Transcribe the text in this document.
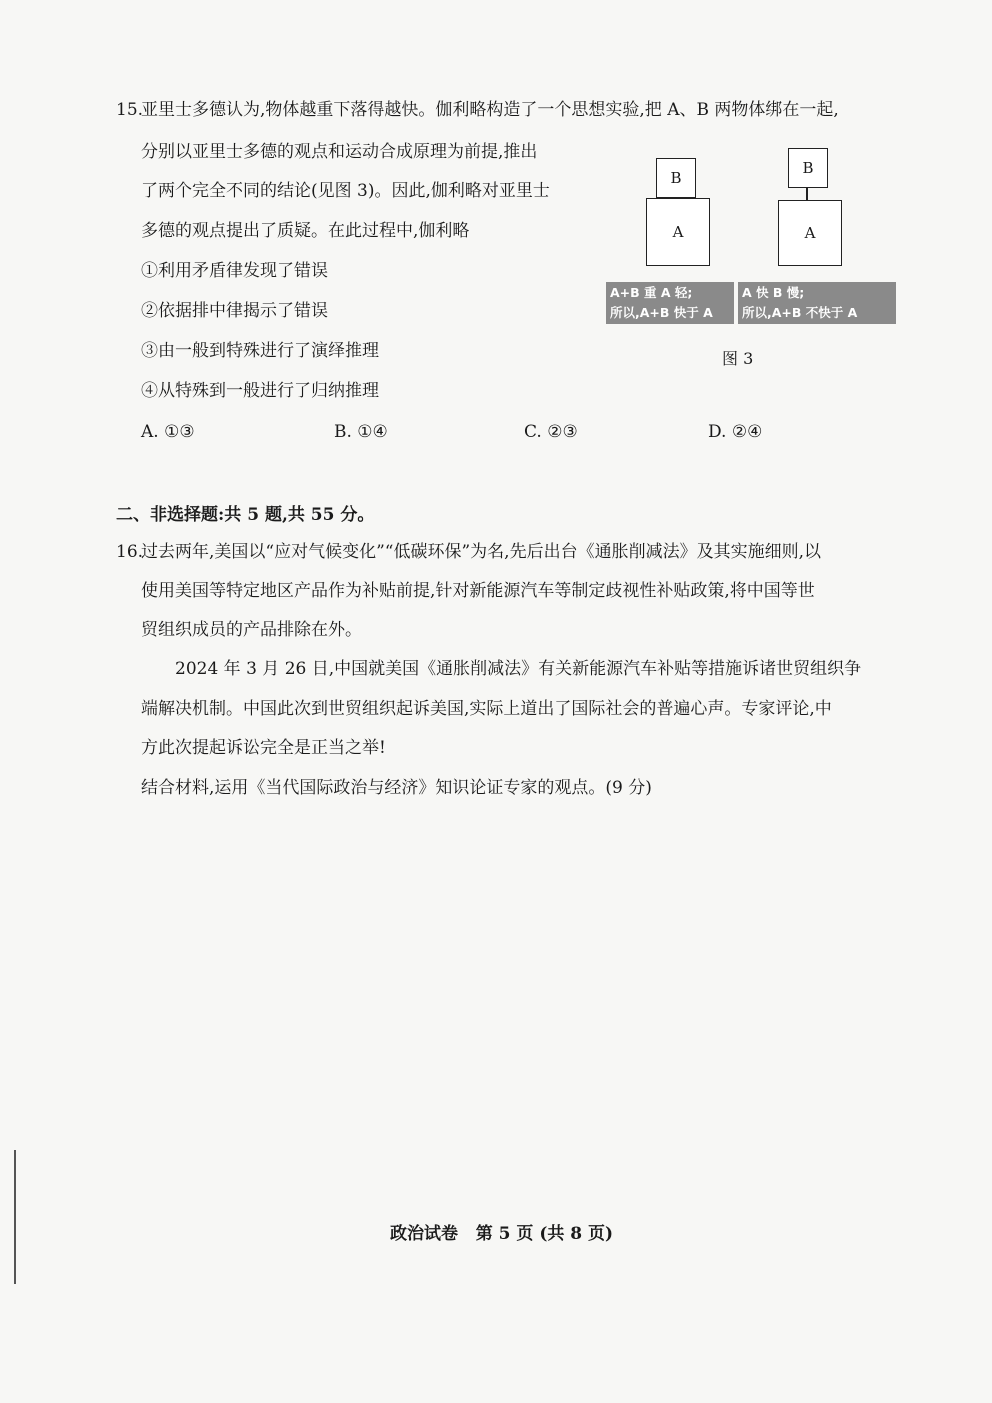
15.
亚里士多德认为,物体越重下落得越快。伽利略构造了一个思想实验,把 A、B 两物体绑在一起,
分别以亚里士多德的观点和运动合成原理为前提,推出
了两个完全不同的结论(见图 3)。因此,伽利略对亚里士
多德的观点提出了质疑。在此过程中,伽利略
①利用矛盾律发现了错误
②依据排中律揭示了错误
③由一般到特殊进行了演绎推理
④从特殊到一般进行了归纳推理
A. ①③	B. ①④	C. ②③	D. ②④
B
A
A+B 重 A 轻;
所以,A+B 快于 A
B
A
A 快 B 慢;
所以,A+B 不快于 A
图 3
二、非选择题:共 5 题,共 55 分。
16.
过去两年,美国以“应对气候变化”“低碳环保”为名,先后出台《通胀削减法》及其实施细则,以
使用美国等特定地区产品作为补贴前提,针对新能源汽车等制定歧视性补贴政策,将中国等世
贸组织成员的产品排除在外。
2024 年 3 月 26 日,中国就美国《通胀削减法》有关新能源汽车补贴等措施诉诸世贸组织争
端解决机制。中国此次到世贸组织起诉美国,实际上道出了国际社会的普遍心声。专家评论,中
方此次提起诉讼完全是正当之举!
结合材料,运用《当代国际政治与经济》知识论证专家的观点。(9 分)
政治试卷   第 5 页 (共 8 页)
